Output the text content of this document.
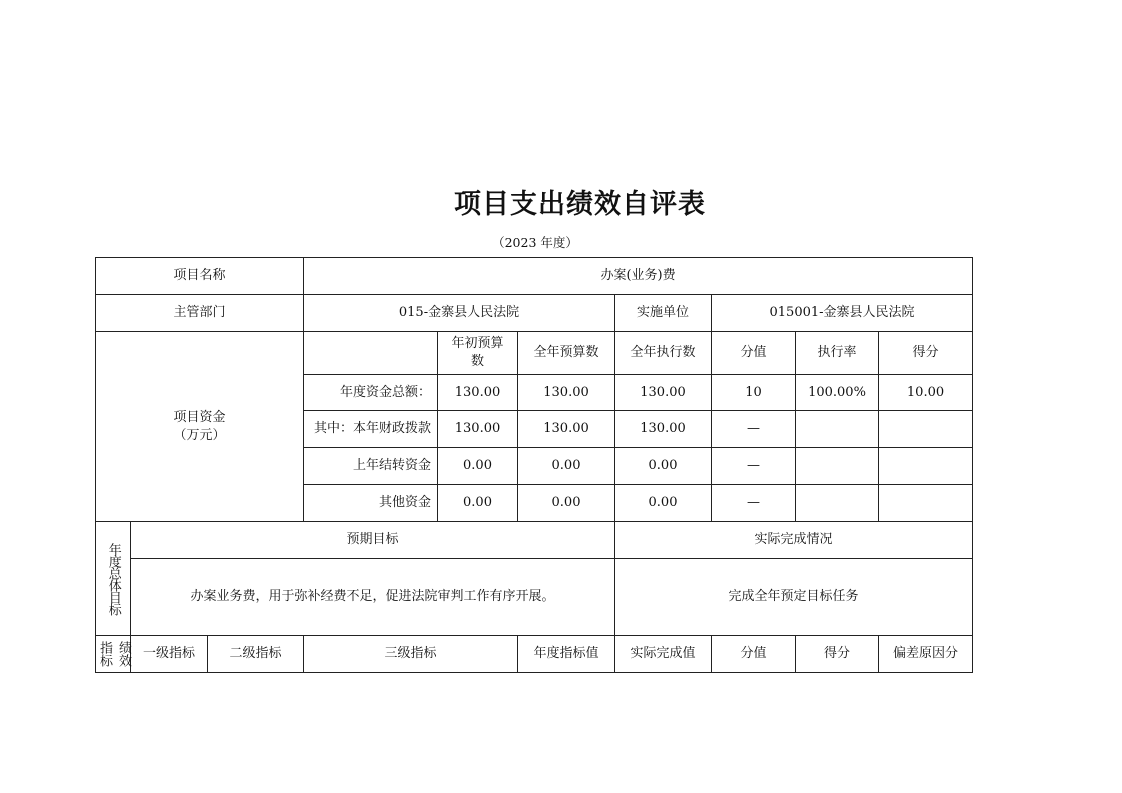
项目支出绩效自评表
（2023 年度）
项目名称			办案(业务)费						
主管部门			015-金寨县人民法院			实施单位	015001-金寨县人民法院		

项目资金
（万元）				年初预算数	全年预算数	全年执行数	分值	执行率	得分
			年度资金总额：	130.00	130.00	130.00	10	100.00%	10.00
			其中：本年财政拨款	130.00	130.00	130.00	—		
			上年结转资金	0.00	0.00	0.00	—		
			其他资金	0.00	0.00	0.00	—		

年度总体目标	预期目标					实际完成情况			
	办案业务费，用于弥补经费不足，促进法院审判工作有序开展。					完成全年预定目标任务			

指标 绩效	一级指标	二级指标	三级指标		年度指标值	实际完成值	分值	得分	偏差原因分
